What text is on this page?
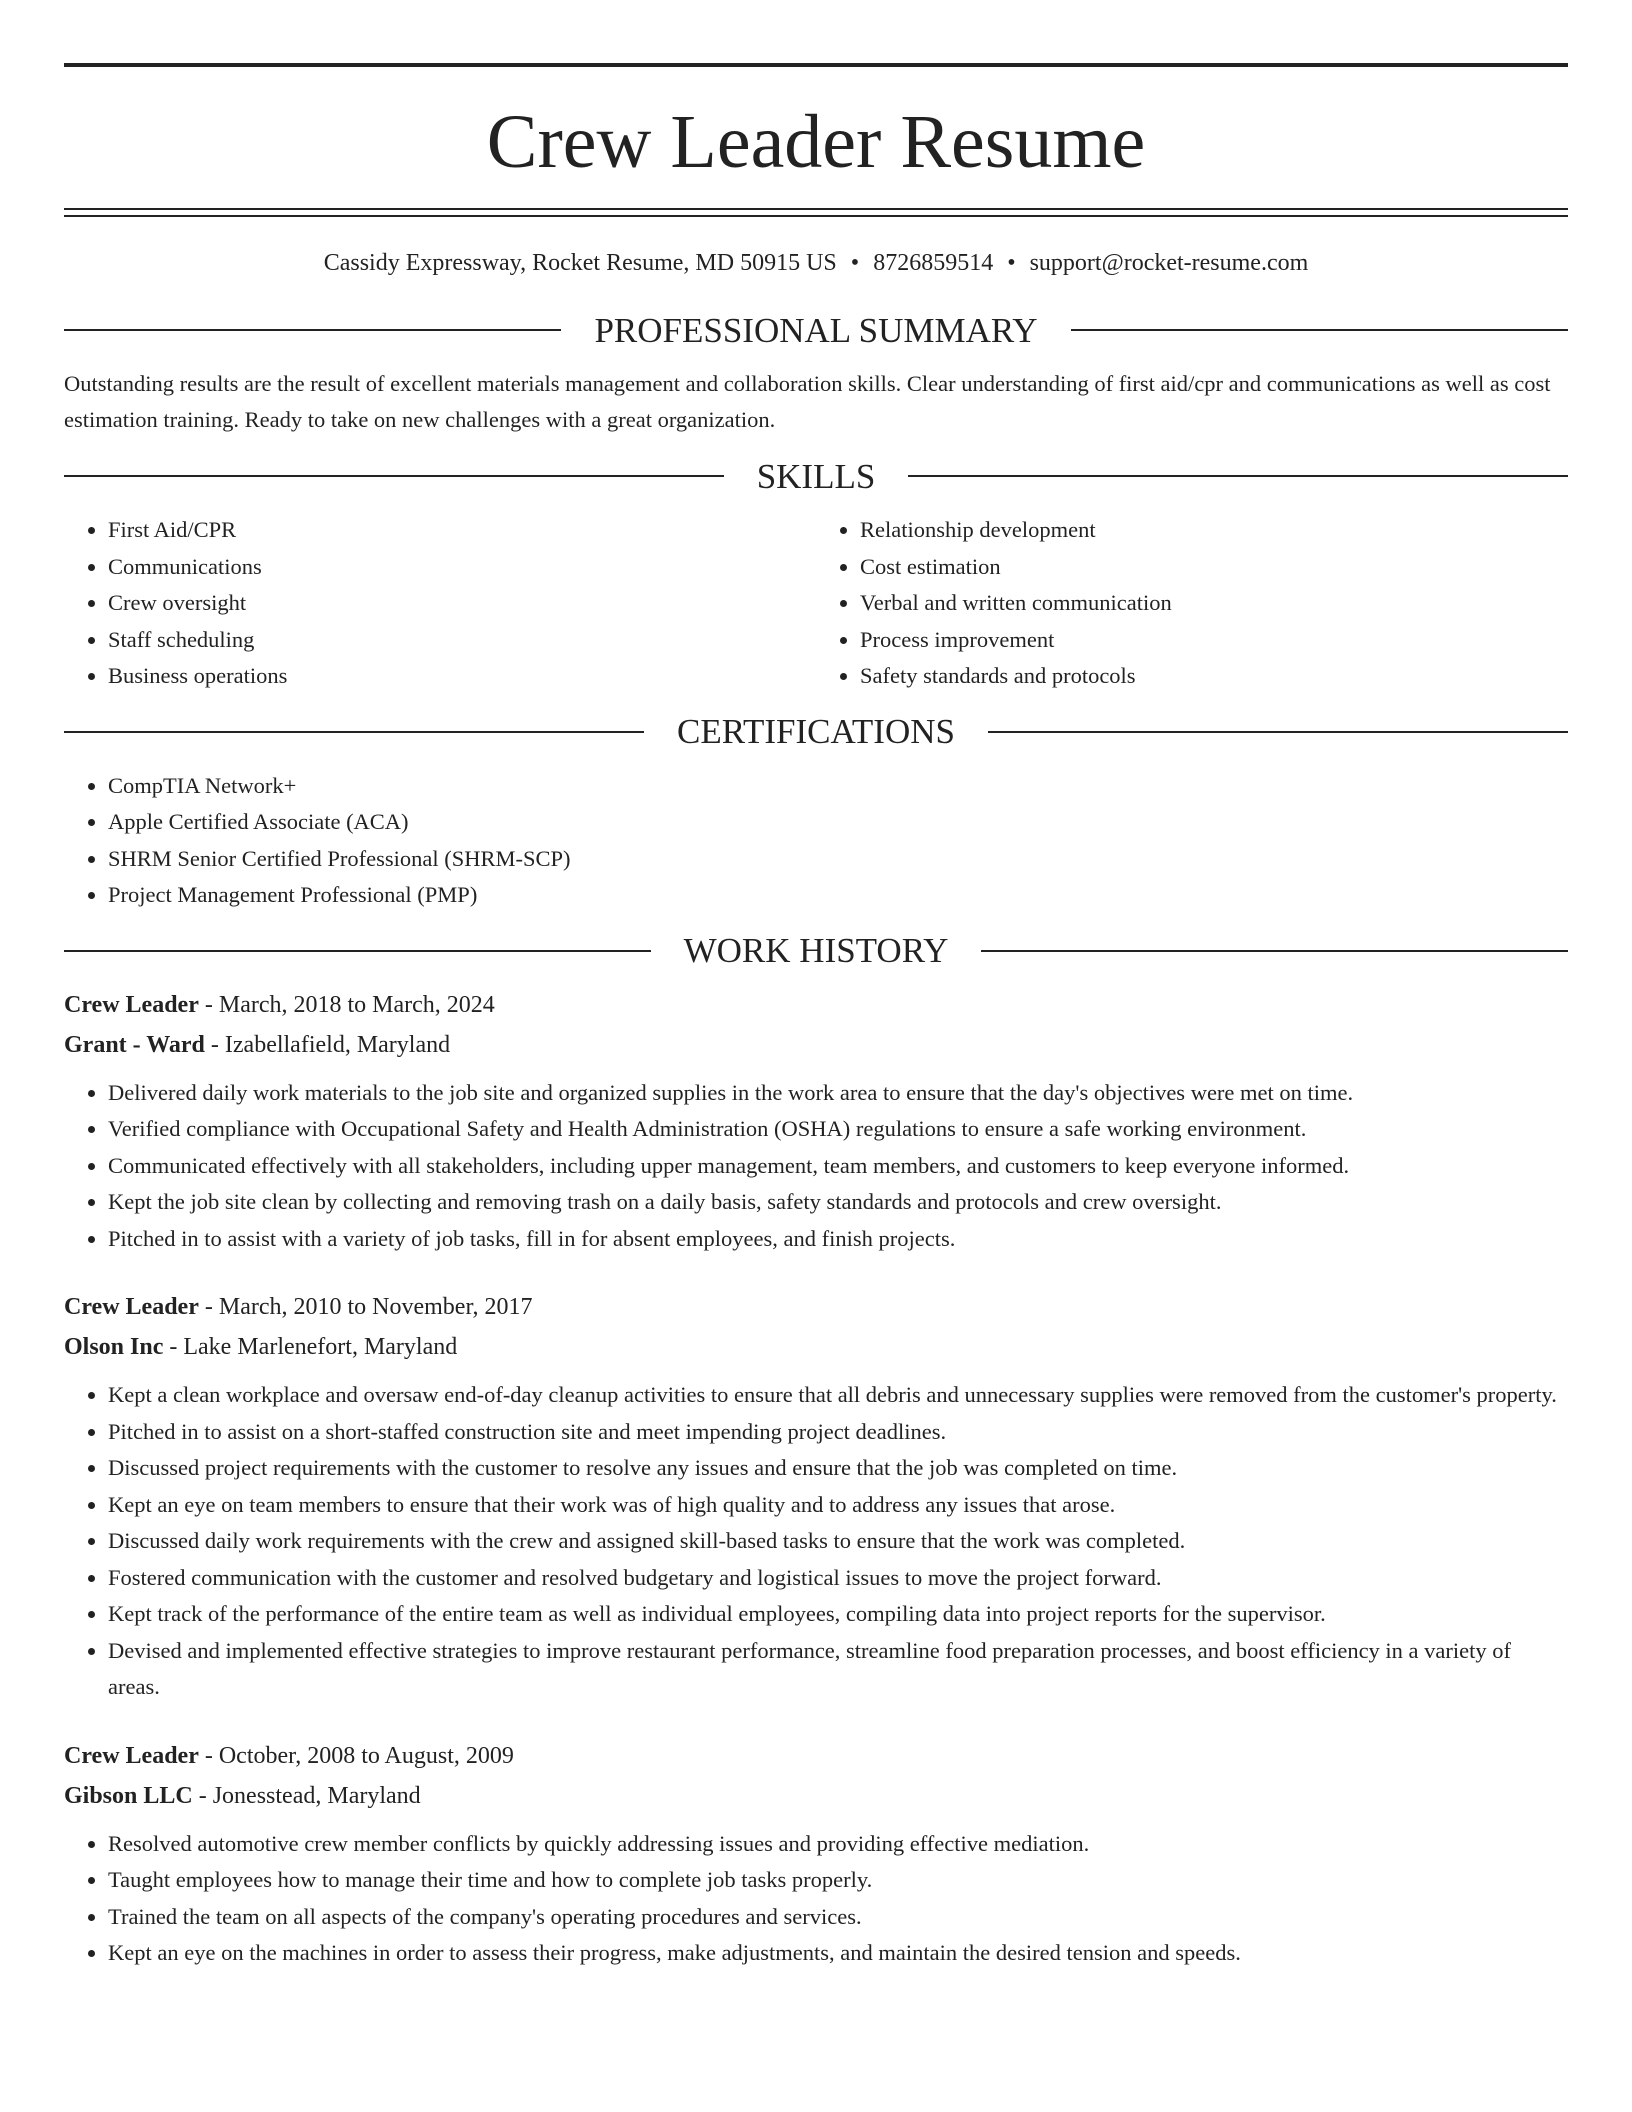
Crew Leader Resume
Cassidy Expressway, Rocket Resume, MD 50915 US • 8726859514 • support@rocket-resume.com
PROFESSIONAL SUMMARY

Outstanding results are the result of excellent materials management and collaboration skills. Clear understanding of first aid/cpr and communications as well as cost estimation training. Ready to take on new challenges with a great organization.

SKILLS
• First Aid/CPR
• Communications
• Crew oversight
• Staff scheduling
• Business operations
• Relationship development
• Cost estimation
• Verbal and written communication
• Process improvement
• Safety standards and protocols
CERTIFICATIONS
• CompTIA Network+
• Apple Certified Associate (ACA)
• SHRM Senior Certified Professional (SHRM-SCP)
• Project Management Professional (PMP)
WORK HISTORY
Crew Leader - March, 2018 to March, 2024
Grant - Ward - Izabellafield, Maryland
• Delivered daily work materials to the job site and organized supplies in the work area to ensure that the day's objectives were met on time.
• Verified compliance with Occupational Safety and Health Administration (OSHA) regulations to ensure a safe working environment.
• Communicated effectively with all stakeholders, including upper management, team members, and customers to keep everyone informed.
• Kept the job site clean by collecting and removing trash on a daily basis, safety standards and protocols and crew oversight.
• Pitched in to assist with a variety of job tasks, fill in for absent employees, and finish projects.
Crew Leader - March, 2010 to November, 2017
Olson Inc - Lake Marlenefort, Maryland
• Kept a clean workplace and oversaw end-of-day cleanup activities to ensure that all debris and unnecessary supplies were removed from the customer's property.
• Pitched in to assist on a short-staffed construction site and meet impending project deadlines.
• Discussed project requirements with the customer to resolve any issues and ensure that the job was completed on time.
• Kept an eye on team members to ensure that their work was of high quality and to address any issues that arose.
• Discussed daily work requirements with the crew and assigned skill-based tasks to ensure that the work was completed.
• Fostered communication with the customer and resolved budgetary and logistical issues to move the project forward.
• Kept track of the performance of the entire team as well as individual employees, compiling data into project reports for the supervisor.
• Devised and implemented effective strategies to improve restaurant performance, streamline food preparation processes, and boost efficiency in a variety of areas.
Crew Leader - October, 2008 to August, 2009
Gibson LLC - Jonesstead, Maryland
• Resolved automotive crew member conflicts by quickly addressing issues and providing effective mediation.
• Taught employees how to manage their time and how to complete job tasks properly.
• Trained the team on all aspects of the company's operating procedures and services.
• Kept an eye on the machines in order to assess their progress, make adjustments, and maintain the desired tension and speeds.
